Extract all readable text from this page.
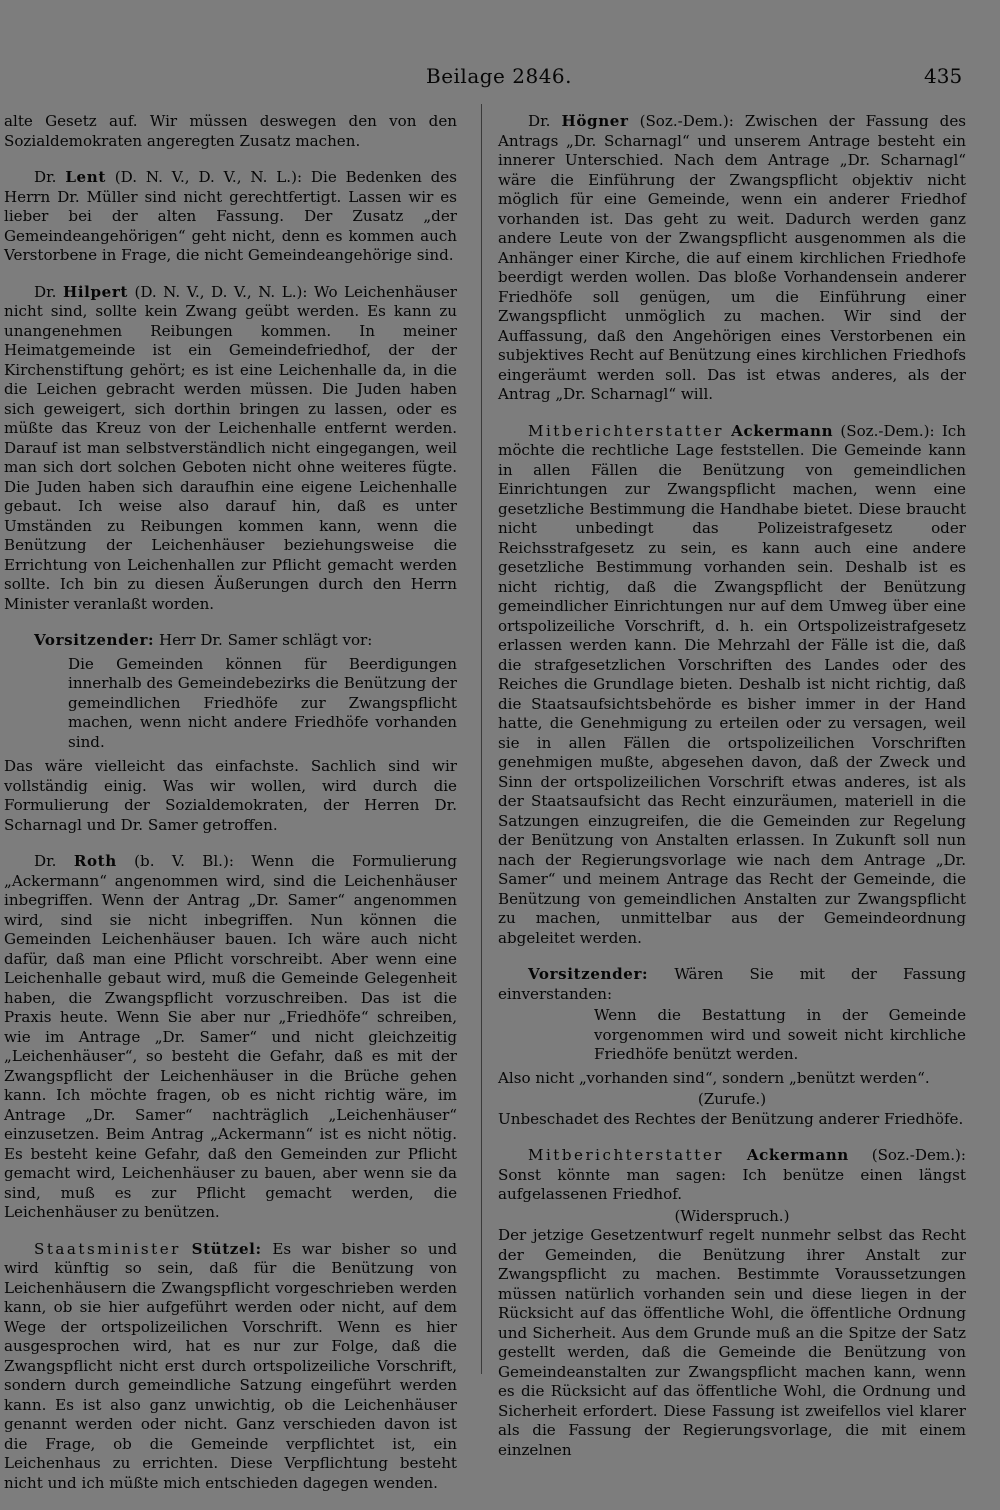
Beilage 2846.	435

alte Gesetz auf. Wir müssen deswegen den von den Sozialdemokraten angeregten Zusatz machen.

Dr. Lent (D. N. V., D. V., N. L.): Die Bedenken des Herrn Dr. Müller sind nicht gerechtfertigt. Lassen wir es lieber bei der alten Fassung. Der Zusatz „der Gemeindeangehörigen“ geht nicht, denn es kommen auch Verstorbene in Frage, die nicht Gemeindeangehörige sind.

Dr. Hilpert (D. N. V., D. V., N. L.): Wo Leichenhäuser nicht sind, sollte kein Zwang geübt werden. Es kann zu unangenehmen Reibungen kommen. In meiner Heimatgemeinde ist ein Gemeindefriedhof, der der Kirchenstiftung gehört; es ist eine Leichenhalle da, in die die Leichen gebracht werden müssen. Die Juden haben sich geweigert, sich dorthin bringen zu lassen, oder es müßte das Kreuz von der Leichenhalle entfernt werden. Darauf ist man selbstverständlich nicht eingegangen, weil man sich dort solchen Geboten nicht ohne weiteres fügte. Die Juden haben sich daraufhin eine eigene Leichenhalle gebaut. Ich weise also darauf hin, daß es unter Umständen zu Reibungen kommen kann, wenn die Benützung der Leichenhäuser beziehungsweise die Errichtung von Leichenhallen zur Pflicht gemacht werden sollte. Ich bin zu diesen Äußerungen durch den Herrn Minister veranlaßt worden.

Vorsitzender: Herr Dr. Samer schlägt vor:

Die Gemeinden können für Beerdigungen innerhalb des Gemeindebezirks die Benützung der gemeindlichen Friedhöfe zur Zwangspflicht machen, wenn nicht andere Friedhöfe vorhanden sind.

Das wäre vielleicht das einfachste. Sachlich sind wir vollständig einig. Was wir wollen, wird durch die Formulierung der Sozialdemokraten, der Herren Dr. Scharnagl und Dr. Samer getroffen.

Dr. Roth (b. V. Bl.): Wenn die Formulierung „Ackermann“ angenommen wird, sind die Leichenhäuser inbegriffen. Wenn der Antrag „Dr. Samer“ angenommen wird, sind sie nicht inbegriffen. Nun können die Gemeinden Leichenhäuser bauen. Ich wäre auch nicht dafür, daß man eine Pflicht vorschreibt. Aber wenn eine Leichenhalle gebaut wird, muß die Gemeinde Gelegenheit haben, die Zwangspflicht vorzuschreiben. Das ist die Praxis heute. Wenn Sie aber nur „Friedhöfe“ schreiben, wie im Antrage „Dr. Samer“ und nicht gleichzeitig „Leichenhäuser“, so besteht die Gefahr, daß es mit der Zwangspflicht der Leichenhäuser in die Brüche gehen kann. Ich möchte fragen, ob es nicht richtig wäre, im Antrage „Dr. Samer“ nachträglich „Leichenhäuser“ einzusetzen. Beim Antrag „Ackermann“ ist es nicht nötig. Es besteht keine Gefahr, daß den Gemeinden zur Pflicht gemacht wird, Leichenhäuser zu bauen, aber wenn sie da sind, muß es zur Pflicht gemacht werden, die Leichenhäuser zu benützen.

Staatsminister Stützel: Es war bisher so und wird künftig so sein, daß für die Benützung von Leichenhäusern die Zwangspflicht vorgeschrieben werden kann, ob sie hier aufgeführt werden oder nicht, auf dem Wege der ortspolizeilichen Vorschrift. Wenn es hier ausgesprochen wird, hat es nur zur Folge, daß die Zwangspflicht nicht erst durch ortspolizeiliche Vorschrift, sondern durch gemeindliche Satzung eingeführt werden kann. Es ist also ganz unwichtig, ob die Leichenhäuser genannt werden oder nicht. Ganz verschieden davon ist die Frage, ob die Gemeinde verpflichtet ist, ein Leichenhaus zu errichten. Diese Verpflichtung besteht nicht und ich müßte mich entschieden dagegen wenden.

Dr. Högner (Soz.-Dem.): Zwischen der Fassung des Antrags „Dr. Scharnagl“ und unserem Antrage besteht ein innerer Unterschied. Nach dem Antrage „Dr. Scharnagl“ wäre die Einführung der Zwangspflicht objektiv nicht möglich für eine Gemeinde, wenn ein anderer Friedhof vorhanden ist. Das geht zu weit. Dadurch werden ganz andere Leute von der Zwangspflicht ausgenommen als die Anhänger einer Kirche, die auf einem kirchlichen Friedhofe beerdigt werden wollen. Das bloße Vorhandensein anderer Friedhöfe soll genügen, um die Einführung einer Zwangspflicht unmöglich zu machen. Wir sind der Auffassung, daß den Angehörigen eines Verstorbenen ein subjektives Recht auf Benützung eines kirchlichen Friedhofs eingeräumt werden soll. Das ist etwas anderes, als der Antrag „Dr. Scharnagl“ will.

Mitberichterstatter Ackermann (Soz.-Dem.): Ich möchte die rechtliche Lage feststellen. Die Gemeinde kann in allen Fällen die Benützung von gemeindlichen Einrichtungen zur Zwangspflicht machen, wenn eine gesetzliche Bestimmung die Handhabe bietet. Diese braucht nicht unbedingt das Polizeistrafgesetz oder Reichsstrafgesetz zu sein, es kann auch eine andere gesetzliche Bestimmung vorhanden sein. Deshalb ist es nicht richtig, daß die Zwangspflicht der Benützung gemeindlicher Einrichtungen nur auf dem Umweg über eine ortspolizeiliche Vorschrift, d. h. ein Ortspolizeistrafgesetz erlassen werden kann. Die Mehrzahl der Fälle ist die, daß die strafgesetzlichen Vorschriften des Landes oder des Reiches die Grundlage bieten. Deshalb ist nicht richtig, daß die Staatsaufsichtsbehörde es bisher immer in der Hand hatte, die Genehmigung zu erteilen oder zu versagen, weil sie in allen Fällen die ortspolizeilichen Vorschriften genehmigen mußte, abgesehen davon, daß der Zweck und Sinn der ortspolizeilichen Vorschrift etwas anderes, ist als der Staatsaufsicht das Recht einzuräumen, materiell in die Satzungen einzugreifen, die die Gemeinden zur Regelung der Benützung von Anstalten erlassen. In Zukunft soll nun nach der Regierungsvorlage wie nach dem Antrage „Dr. Samer“ und meinem Antrage das Recht der Gemeinde, die Benützung von gemeindlichen Anstalten zur Zwangspflicht zu machen, unmittelbar aus der Gemeindeordnung abgeleitet werden.

Vorsitzender: Wären Sie mit der Fassung einverstanden:

Wenn die Bestattung in der Gemeinde vorgenommen wird und soweit nicht kirchliche Friedhöfe benützt werden.

Also nicht „vorhanden sind“, sondern „benützt werden“.

(Zurufe.)

Unbeschadet des Rechtes der Benützung anderer Friedhöfe.

Mitberichterstatter Ackermann (Soz.-Dem.): Sonst könnte man sagen: Ich benütze einen längst aufgelassenen Friedhof.

(Widerspruch.)

Der jetzige Gesetzentwurf regelt nunmehr selbst das Recht der Gemeinden, die Benützung ihrer Anstalt zur Zwangspflicht zu machen. Bestimmte Voraussetzungen müssen natürlich vorhanden sein und diese liegen in der Rücksicht auf das öffentliche Wohl, die öffentliche Ordnung und Sicherheit. Aus dem Grunde muß an die Spitze der Satz gestellt werden, daß die Gemeinde die Benützung von Gemeindeanstalten zur Zwangspflicht machen kann, wenn es die Rücksicht auf das öffentliche Wohl, die Ordnung und Sicherheit erfordert. Diese Fassung ist zweifellos viel klarer als die Fassung der Regierungsvorlage, die mit einem einzelnen
